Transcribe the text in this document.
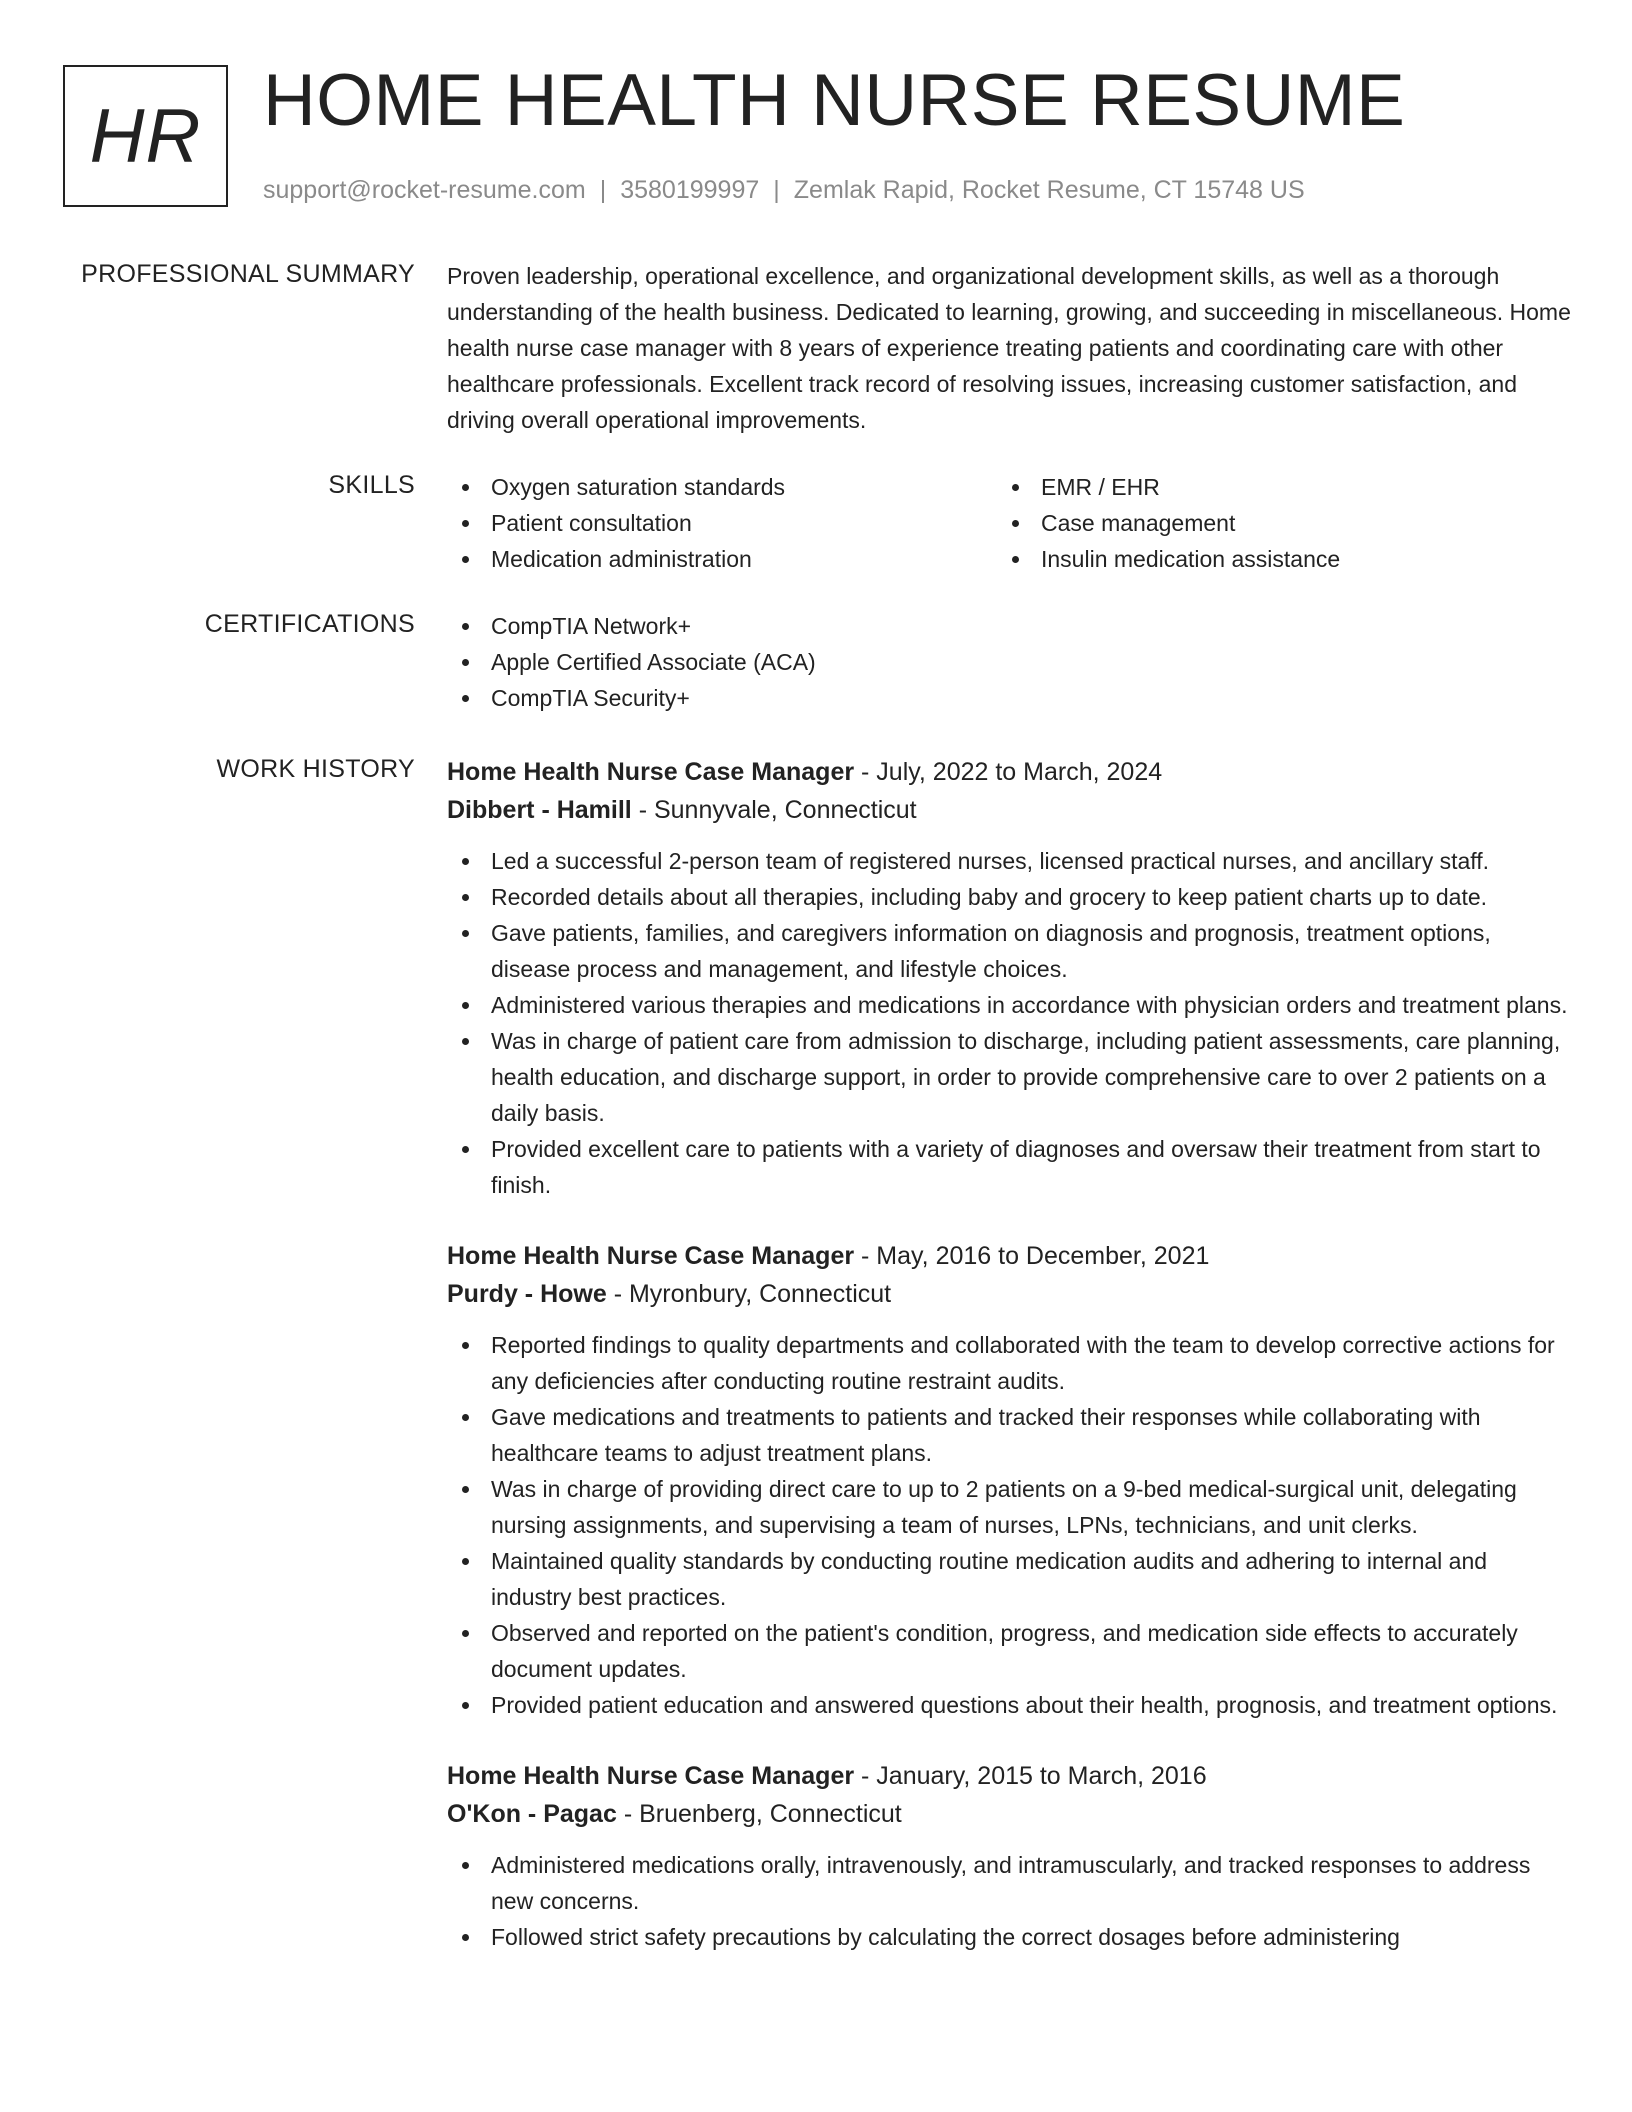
HR HOME HEALTH NURSE RESUME
support@rocket-resume.com | 3580199997 | Zemlak Rapid, Rocket Resume, CT 15748 US
PROFESSIONAL SUMMARY Proven leadership, operational excellence, and organizational development skills, as well as a thorough understanding of the health business. Dedicated to learning, growing, and succeeding in miscellaneous. Home health nurse case manager with 8 years of experience treating patients and coordinating care with other healthcare professionals. Excellent track record of resolving issues, increasing customer satisfaction, and driving overall operational improvements.
SKILLS	Oxygen saturation standards
Patient consultation
Medication administration
EMR / EHR
Case management
Insulin medication assistance
CERTIFICATIONS	CompTIA Network+
Apple Certified Associate (ACA)
CompTIA Security+
WORK HISTORY Home Health Nurse Case Manager - July, 2022 to March, 2024
Dibbert - Hamill - Sunnyvale, Connecticut
Led a successful 2-person team of registered nurses, licensed practical nurses, and ancillary staff.
Recorded details about all therapies, including baby and grocery to keep patient charts up to date.
Gave patients, families, and caregivers information on diagnosis and prognosis, treatment options, disease process and management, and lifestyle choices.
Administered various therapies and medications in accordance with physician orders and treatment plans.
Was in charge of patient care from admission to discharge, including patient assessments, care planning, health education, and discharge support, in order to provide comprehensive care to over 2 patients on a daily basis.
Provided excellent care to patients with a variety of diagnoses and oversaw their treatment from start to finish.
Home Health Nurse Case Manager - May, 2016 to December, 2021
Purdy - Howe - Myronbury, Connecticut
Reported findings to quality departments and collaborated with the team to develop corrective actions for any deficiencies after conducting routine restraint audits.
Gave medications and treatments to patients and tracked their responses while collaborating with healthcare teams to adjust treatment plans.
Was in charge of providing direct care to up to 2 patients on a 9-bed medical-surgical unit, delegating nursing assignments, and supervising a team of nurses, LPNs, technicians, and unit clerks.
Maintained quality standards by conducting routine medication audits and adhering to internal and industry best practices.
Observed and reported on the patient's condition, progress, and medication side effects to accurately document updates.
Provided patient education and answered questions about their health, prognosis, and treatment options.
Home Health Nurse Case Manager - January, 2015 to March, 2016
O'Kon - Pagac - Bruenberg, Connecticut
Administered medications orally, intravenously, and intramuscularly, and tracked responses to address new concerns.
Followed strict safety precautions by calculating the correct dosages before administering
